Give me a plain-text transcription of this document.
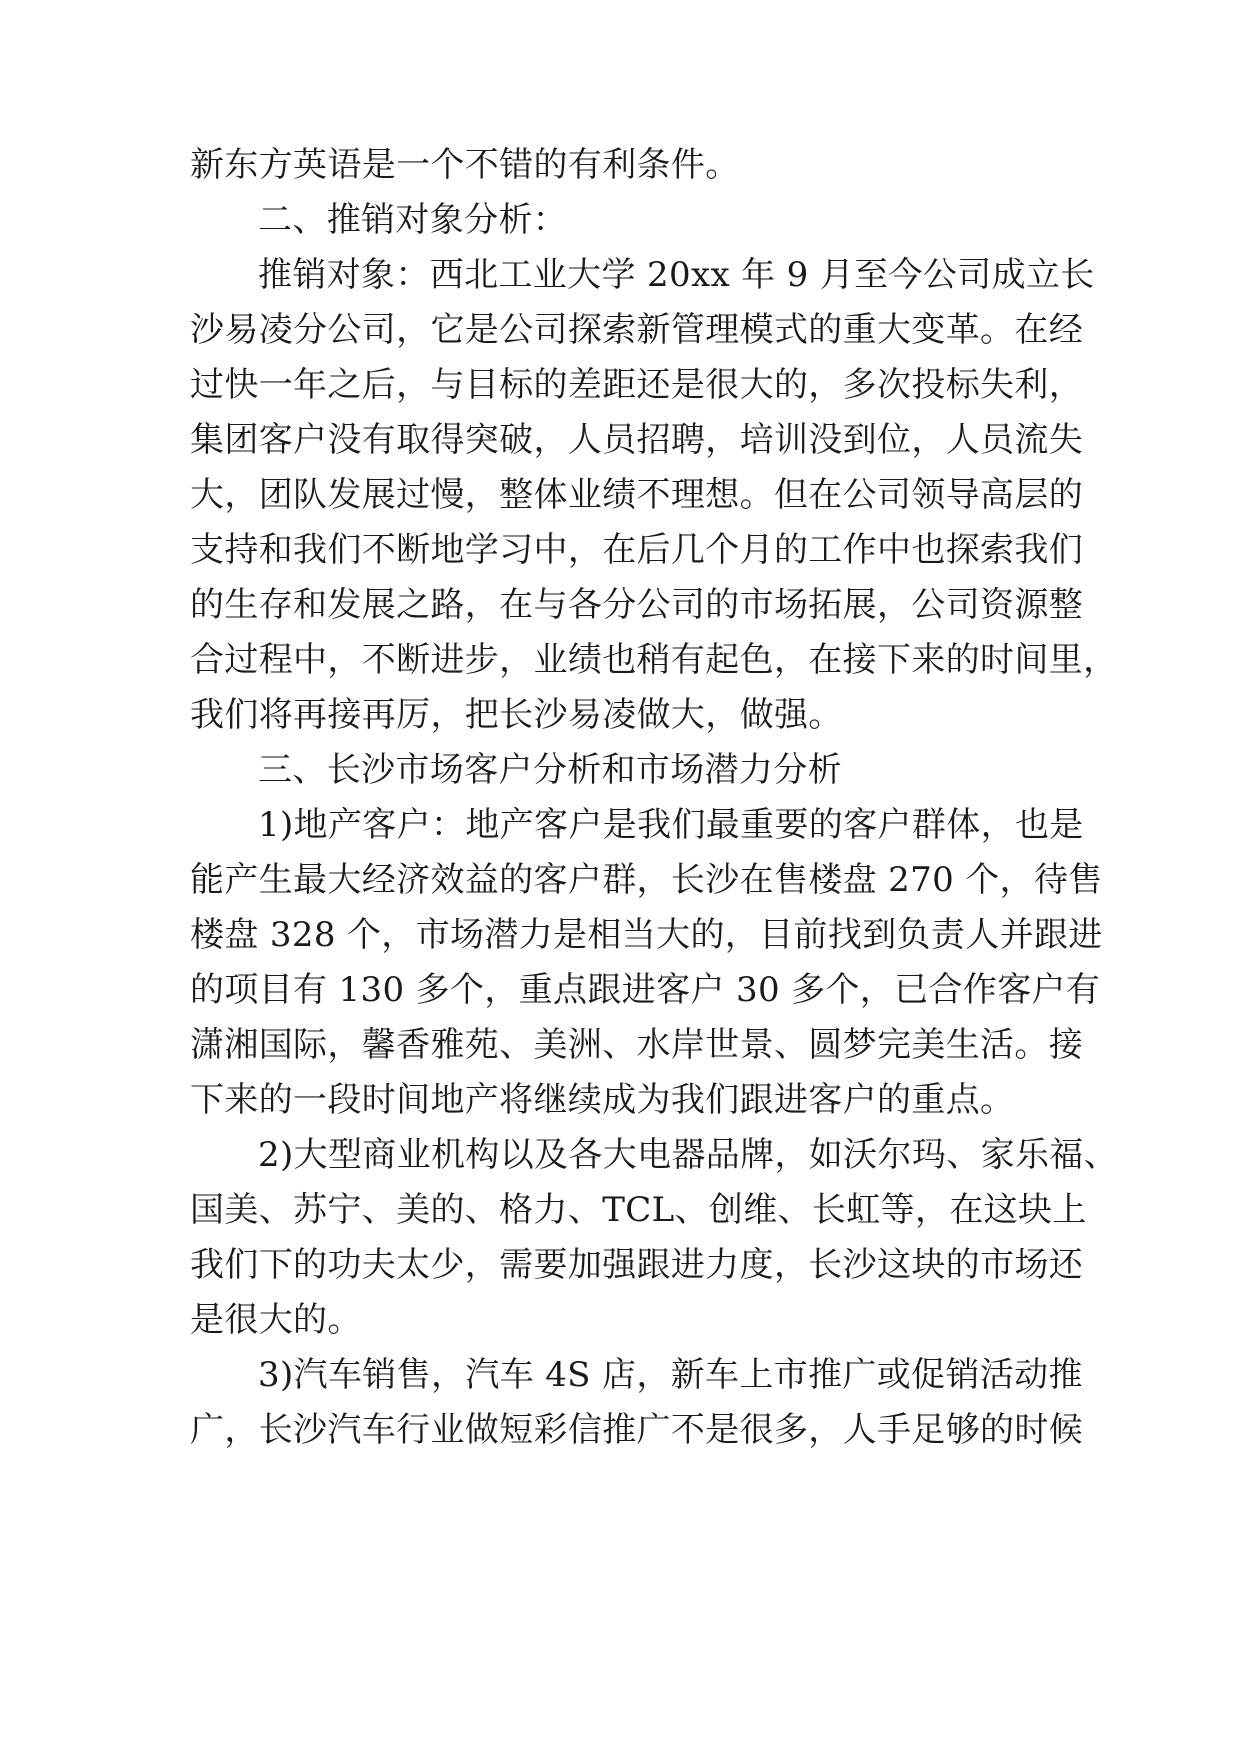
新东方英语是一个不错的有利条件。
二、推销对象分析：
推销对象：西北工业大学 20xx 年 9 月至今公司成立长
沙易凌分公司，它是公司探索新管理模式的重大变革。在经
过快一年之后，与目标的差距还是很大的，多次投标失利，
集团客户没有取得突破，人员招聘，培训没到位，人员流失
大，团队发展过慢，整体业绩不理想。但在公司领导高层的
支持和我们不断地学习中，在后几个月的工作中也探索我们
的生存和发展之路，在与各分公司的市场拓展，公司资源整
合过程中，不断进步，业绩也稍有起色，在接下来的时间里，
我们将再接再厉，把长沙易凌做大，做强。
三、长沙市场客户分析和市场潜力分析
1)地产客户：地产客户是我们最重要的客户群体，也是
能产生最大经济效益的客户群，长沙在售楼盘 270 个，待售
楼盘 328 个，市场潜力是相当大的，目前找到负责人并跟进
的项目有 130 多个，重点跟进客户 30 多个，已合作客户有
潇湘国际，馨香雅苑、美洲、水岸世景、圆梦完美生活。接
下来的一段时间地产将继续成为我们跟进客户的重点。
2)大型商业机构以及各大电器品牌，如沃尔玛、家乐福、
国美、苏宁、美的、格力、TCL、创维、长虹等，在这块上
我们下的功夫太少，需要加强跟进力度，长沙这块的市场还
是很大的。
3)汽车销售，汽车 4S 店，新车上市推广或促销活动推
广，长沙汽车行业做短彩信推广不是很多，人手足够的时候
